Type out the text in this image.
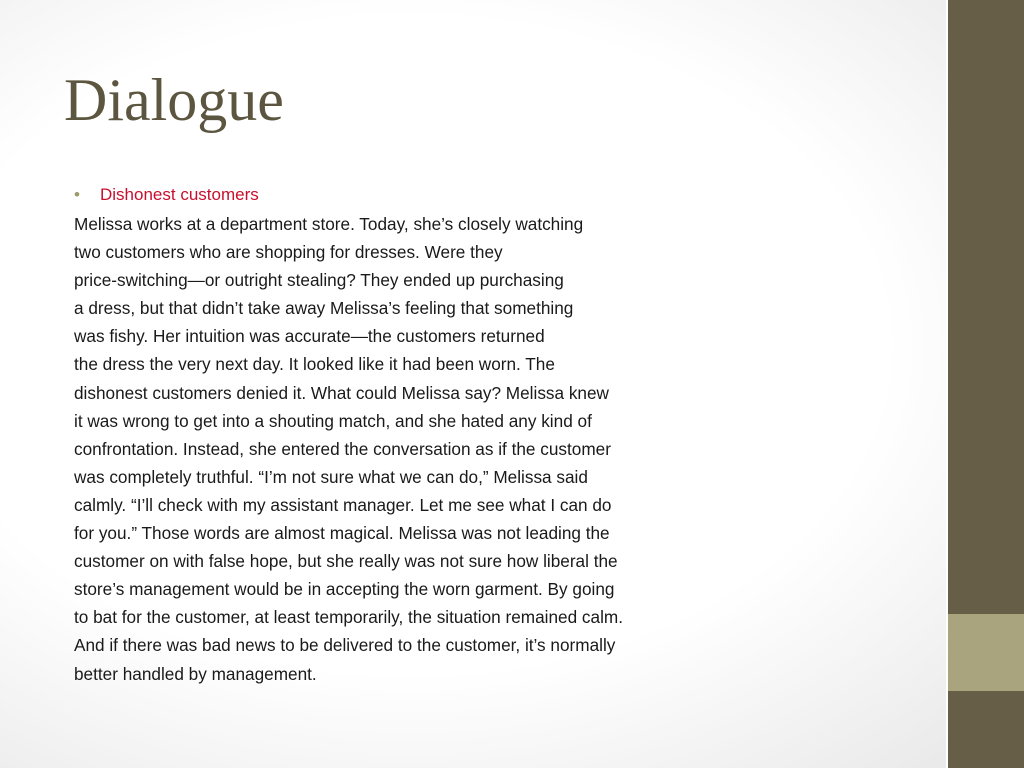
Dialogue
• Dishonest customers
Melissa works at a department store. Today, she’s closely watching
two customers who are shopping for dresses. Were they
price-switching—or outright stealing? They ended up purchasing
a dress, but that didn’t take away Melissa’s feeling that something
was fishy. Her intuition was accurate—the customers returned
the dress the very next day. It looked like it had been worn. The
dishonest customers denied it. What could Melissa say? Melissa knew
it was wrong to get into a shouting match, and she hated any kind of
confrontation. Instead, she entered the conversation as if the customer
was completely truthful. “I’m not sure what we can do,” Melissa said
calmly. “I’ll check with my assistant manager. Let me see what I can do
for you.” Those words are almost magical. Melissa was not leading the
customer on with false hope, but she really was not sure how liberal the
store’s management would be in accepting the worn garment. By going
to bat for the customer, at least temporarily, the situation remained calm.
And if there was bad news to be delivered to the customer, it’s normally
better handled by management.
